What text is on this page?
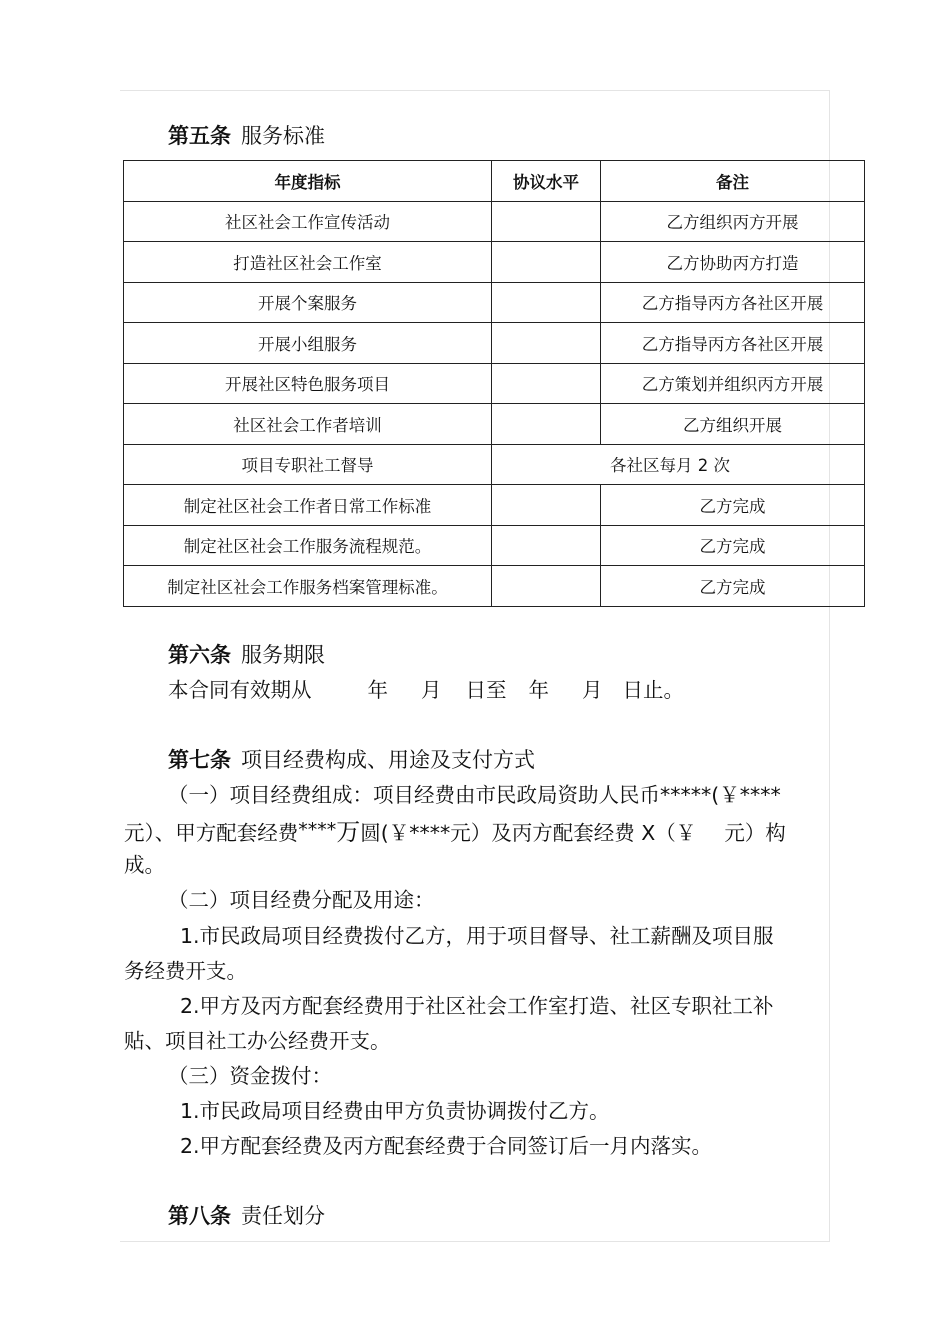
第五条 服务标准
年度指标	协议水平	备注
社区社会工作宣传活动		乙方组织丙方开展
打造社区社会工作室		乙方协助丙方打造
开展个案服务		乙方指导丙方各社区开展
开展小组服务		乙方指导丙方各社区开展
开展社区特色服务项目		乙方策划并组织丙方开展
社区社会工作者培训		乙方组织开展
项目专职社工督导	各社区每月 2 次	
制定社区社会工作者日常工作标准		乙方完成
制定社区社会工作服务流程规范。		乙方完成
制定社区社会工作服务档案管理标准。		乙方完成
第六条 服务期限
本合同有效期从	年 月 日至 年 月 日止。
第七条 项目经费构成、用途及支付方式
（一）项目经费组成：项目经费由市民政局资助人民币*****(￥****
元）、甲方配套经费****万圆(￥****元）及丙方配套经费 X（￥ 元）构
成。
（二）项目经费分配及用途：
1.市民政局项目经费拨付乙方，用于项目督导、社工薪酬及项目服
务经费开支。
2.甲方及丙方配套经费用于社区社会工作室打造、社区专职社工补
贴、项目社工办公经费开支。
（三）资金拨付：
1.市民政局项目经费由甲方负责协调拨付乙方。
2.甲方配套经费及丙方配套经费于合同签订后一月内落实。
第八条 责任划分
